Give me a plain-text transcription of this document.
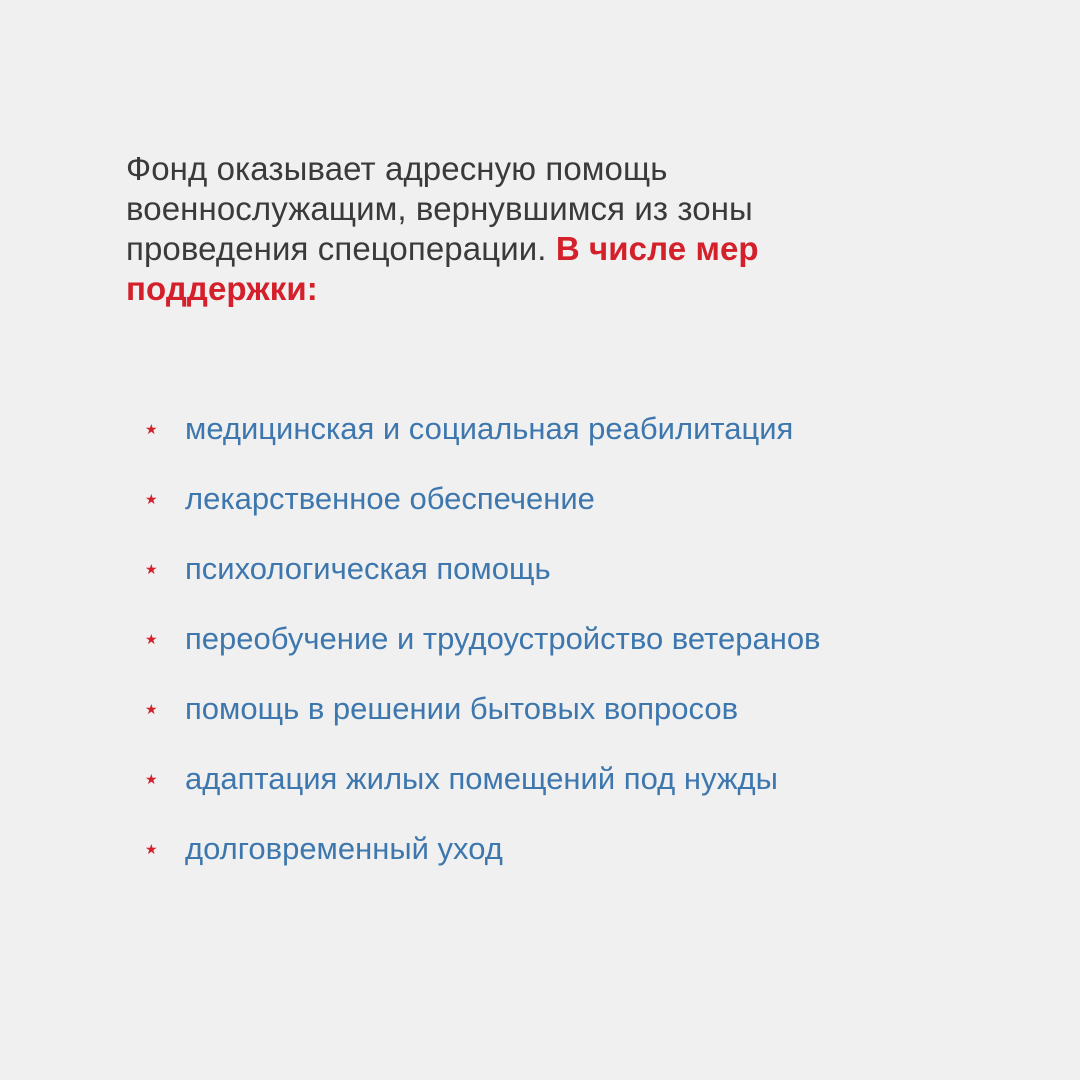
Фонд оказывает адресную помощь военнослужащим, вернувшимся из зоны проведения спецоперации. В числе мер поддержки:

★ медицинская и социальная реабилитация
★ лекарственное обеспечение
★ психологическая помощь
★ переобучение и трудоустройство ветеранов
★ помощь в решении бытовых вопросов
★ адаптация жилых помещений под нужды
★ долговременный уход
